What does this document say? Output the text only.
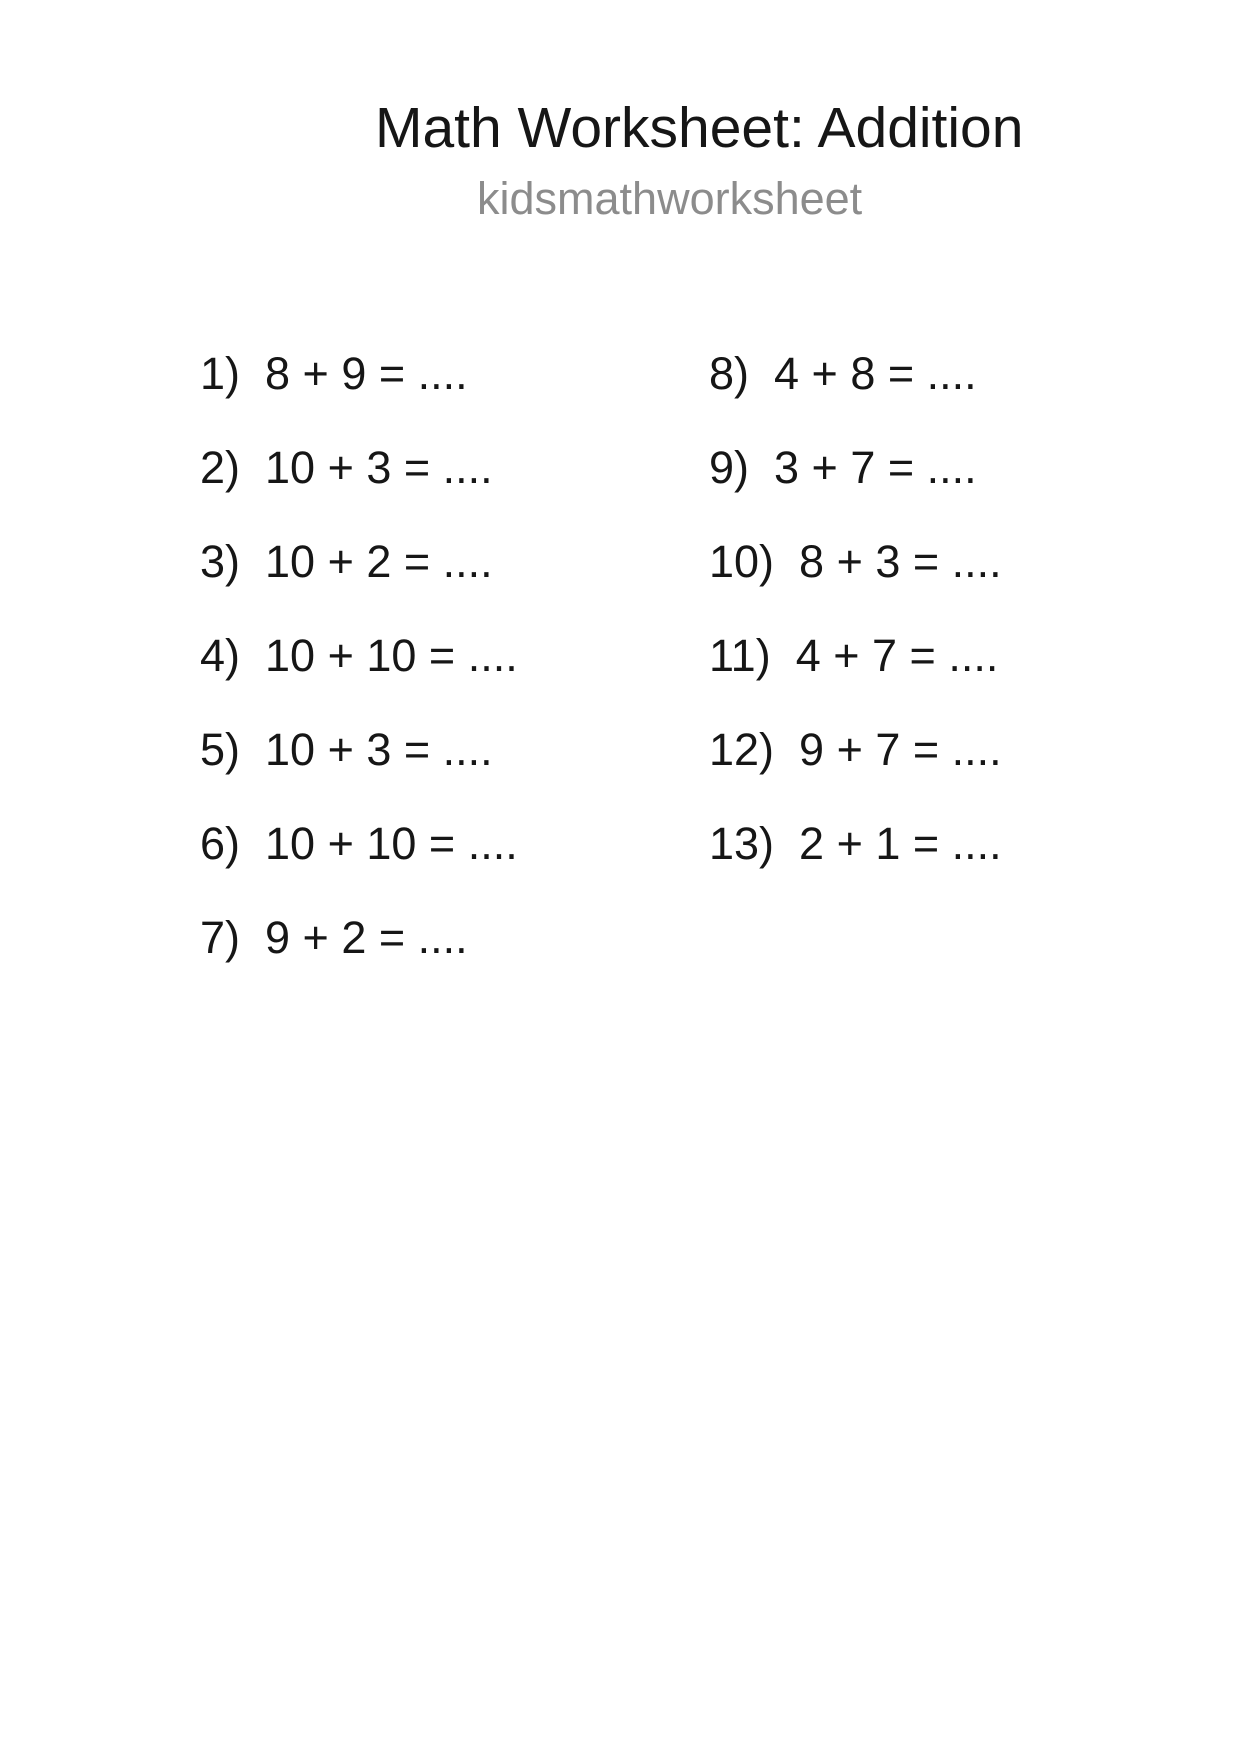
Math Worksheet: Addition
kidsmathworksheet
1) 8 + 9 = ....
2) 10 + 3 = ....
3) 10 + 2 = ....
4) 10 + 10 = ....
5) 10 + 3 = ....
6) 10 + 10 = ....
7) 9 + 2 = ....
8) 4 + 8 = ....
9) 3 + 7 = ....
10) 8 + 3 = ....
11) 4 + 7 = ....
12) 9 + 7 = ....
13) 2 + 1 = ....
